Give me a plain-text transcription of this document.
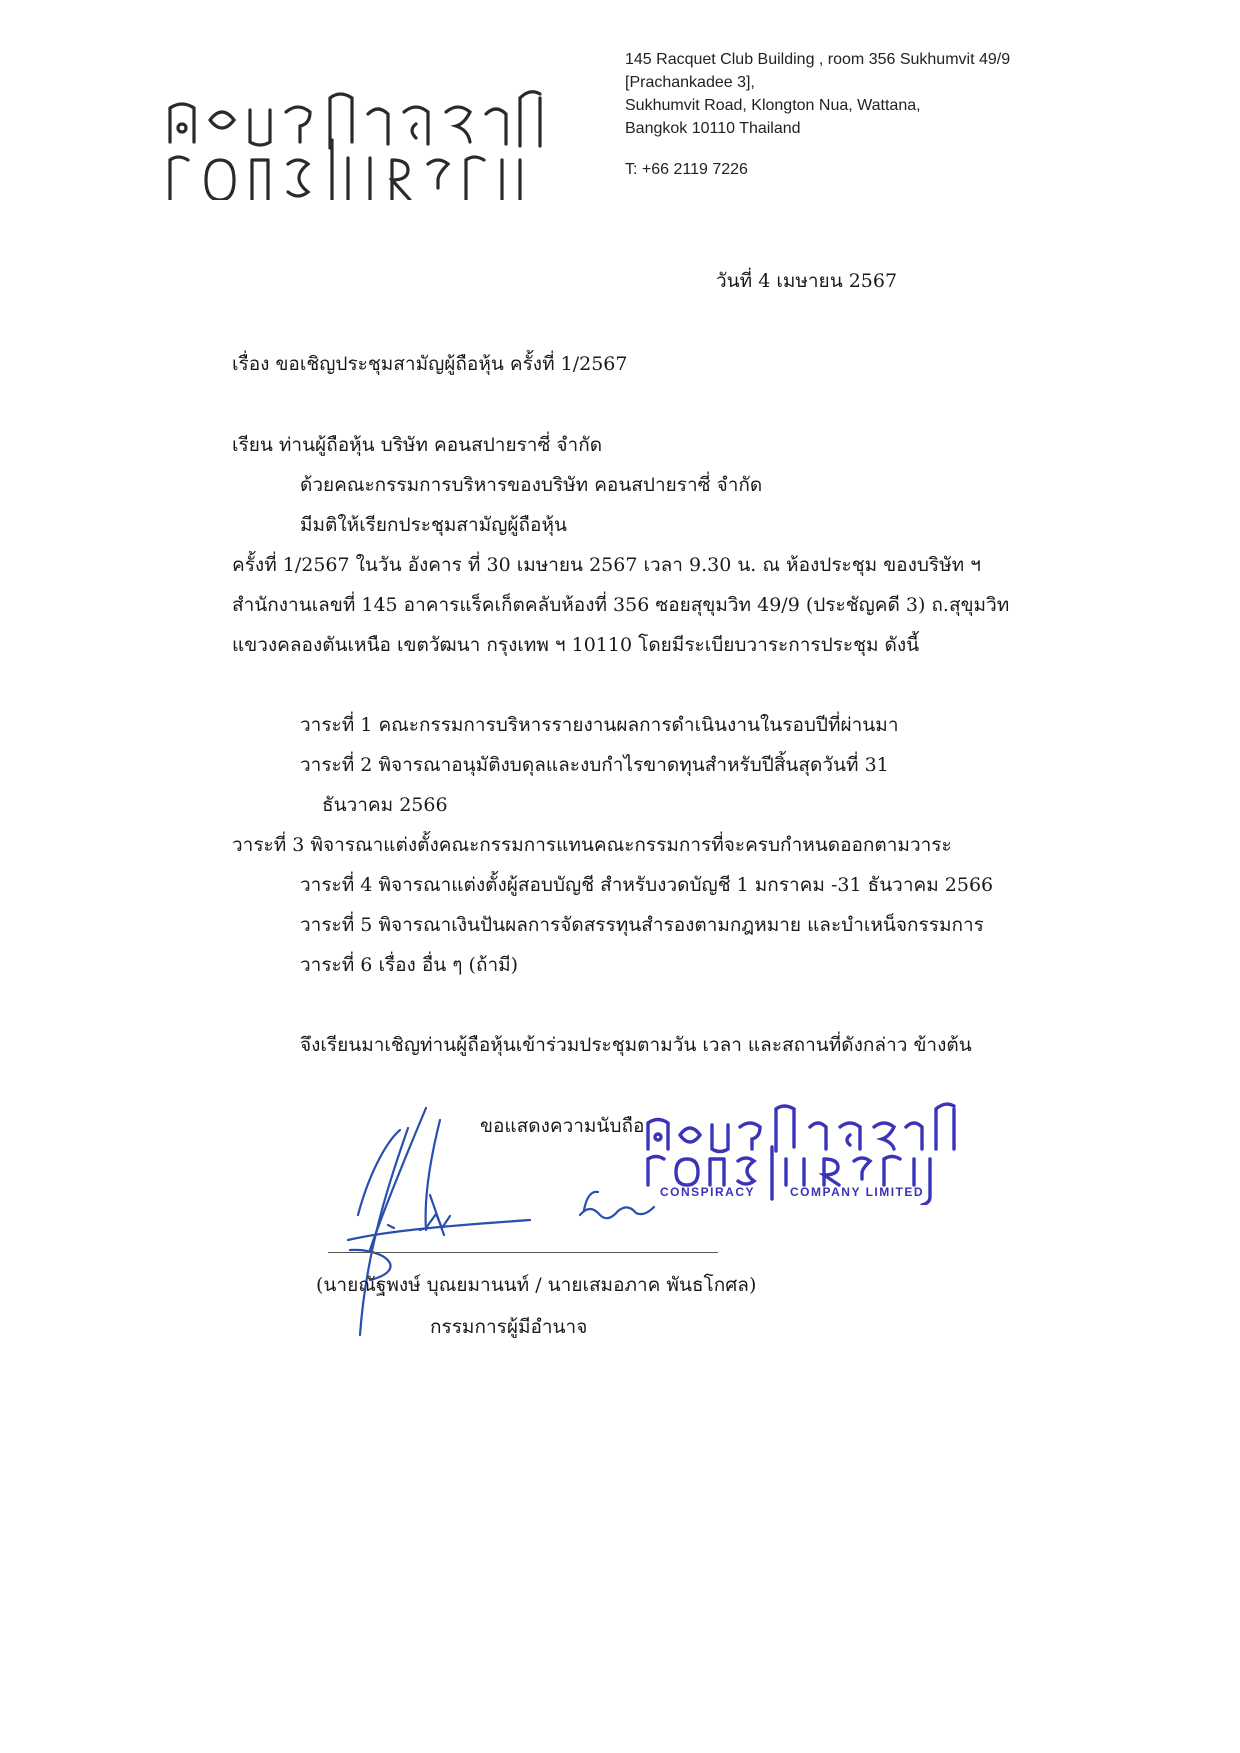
145 Racquet Club Building , room 356 Sukhumvit 49/9
[Prachankadee 3],
Sukhumvit Road, Klongton Nua, Wattana,
Bangkok 10110 Thailand
T: +66 2119 7226
วันที่ 4 เมษายน 2567
เรื่อง ขอเชิญประชุมสามัญผู้ถือหุ้น ครั้งที่ 1/2567
เรียน ท่านผู้ถือหุ้น บริษัท คอนสปายราซี่ จำกัด
ด้วยคณะกรรมการบริหารของบริษัท คอนสปายราซี่ จำกัด
มีมติให้เรียกประชุมสามัญผู้ถือหุ้น
ครั้งที่ 1/2567 ในวัน อังคาร ที่ 30 เมษายน 2567 เวลา 9.30 น. ณ ห้องประชุม ของบริษัท ฯ
สำนักงานเลขที่ 145 อาคารแร็คเก็ตคลับห้องที่ 356 ซอยสุขุมวิท 49/9 (ประชัญคดี 3) ถ.สุขุมวิท
แขวงคลองตันเหนือ เขตวัฒนา กรุงเทพ ฯ 10110 โดยมีระเบียบวาระการประชุม ดังนี้
วาระที่ 1 คณะกรรมการบริหารรายงานผลการดำเนินงานในรอบปีที่ผ่านมา
วาระที่ 2 พิจารณาอนุมัติงบดุลและงบกำไรขาดทุนสำหรับปีสิ้นสุดวันที่ 31
ธันวาคม 2566
วาระที่ 3 พิจารณาแต่งตั้งคณะกรรมการแทนคณะกรรมการที่จะครบกำหนดออกตามวาระ
วาระที่ 4 พิจารณาแต่งตั้งผู้สอบบัญชี สำหรับงวดบัญชี 1 มกราคม -31 ธันวาคม 2566
วาระที่ 5 พิจารณาเงินปันผลการจัดสรรทุนสำรองตามกฎหมาย และบำเหน็จกรรมการ
วาระที่ 6 เรื่อง อื่น ๆ (ถ้ามี)
จึงเรียนมาเชิญท่านผู้ถือหุ้นเข้าร่วมประชุมตามวัน เวลา และสถานที่ดังกล่าว ข้างต้น
ขอแสดงความนับถือ
CONSPIRACY	COMPANY LIMITED
(นายณัฐพงษ์ บุณยมานนท์ / นายเสมอภาค พันธโกศล)
กรรมการผู้มีอำนาจ
